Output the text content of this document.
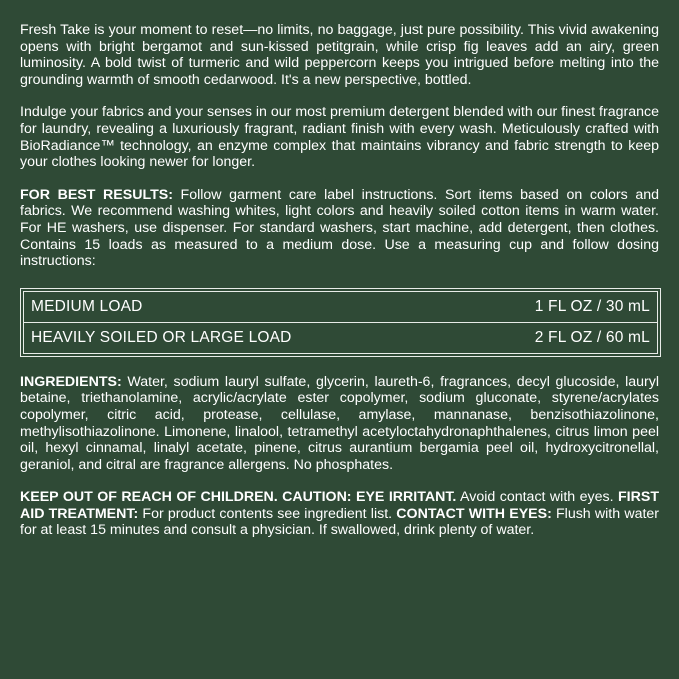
Fresh Take is your moment to reset—no limits, no baggage, just pure possibility. This vivid awakening opens with bright bergamot and sun-kissed petitgrain, while crisp fig leaves add an airy, green luminosity. A bold twist of turmeric and wild peppercorn keeps you intrigued before melting into the grounding warmth of smooth cedarwood. It's a new perspective, bottled.

Indulge your fabrics and your senses in our most premium detergent blended with our finest fragrance for laundry, revealing a luxuriously fragrant, radiant finish with every wash. Meticulously crafted with BioRadiance™ technology, an enzyme complex that maintains vibrancy and fabric strength to keep your clothes looking newer for longer.

FOR BEST RESULTS: Follow garment care label instructions. Sort items based on colors and fabrics. We recommend washing whites, light colors and heavily soiled cotton items in warm water. For HE washers, use dispenser. For standard washers, start machine, add detergent, then clothes. Contains 15 loads as measured to a medium dose. Use a measuring cup and follow dosing instructions:

MEDIUM LOAD	1 FL OZ / 30 mL
HEAVILY SOILED OR LARGE LOAD	2 FL OZ / 60 mL

INGREDIENTS: Water, sodium lauryl sulfate, glycerin, laureth-6, fragrances, decyl glucoside, lauryl betaine, triethanolamine, acrylic/acrylate ester copolymer, sodium gluconate, styrene/acrylates copolymer, citric acid, protease, cellulase, amylase, mannanase, benzisothiazolinone, methylisothiazolinone. Limonene, linalool, tetramethyl acetyloctahydronaphthalenes, citrus limon peel oil, hexyl cinnamal, linalyl acetate, pinene, citrus aurantium bergamia peel oil, hydroxycitronellal, geraniol, and citral are fragrance allergens. No phosphates.

KEEP OUT OF REACH OF CHILDREN. CAUTION: EYE IRRITANT. Avoid contact with eyes. FIRST AID TREATMENT: For product contents see ingredient list. CONTACT WITH EYES: Flush with water for at least 15 minutes and consult a physician. If swallowed, drink plenty of water.
